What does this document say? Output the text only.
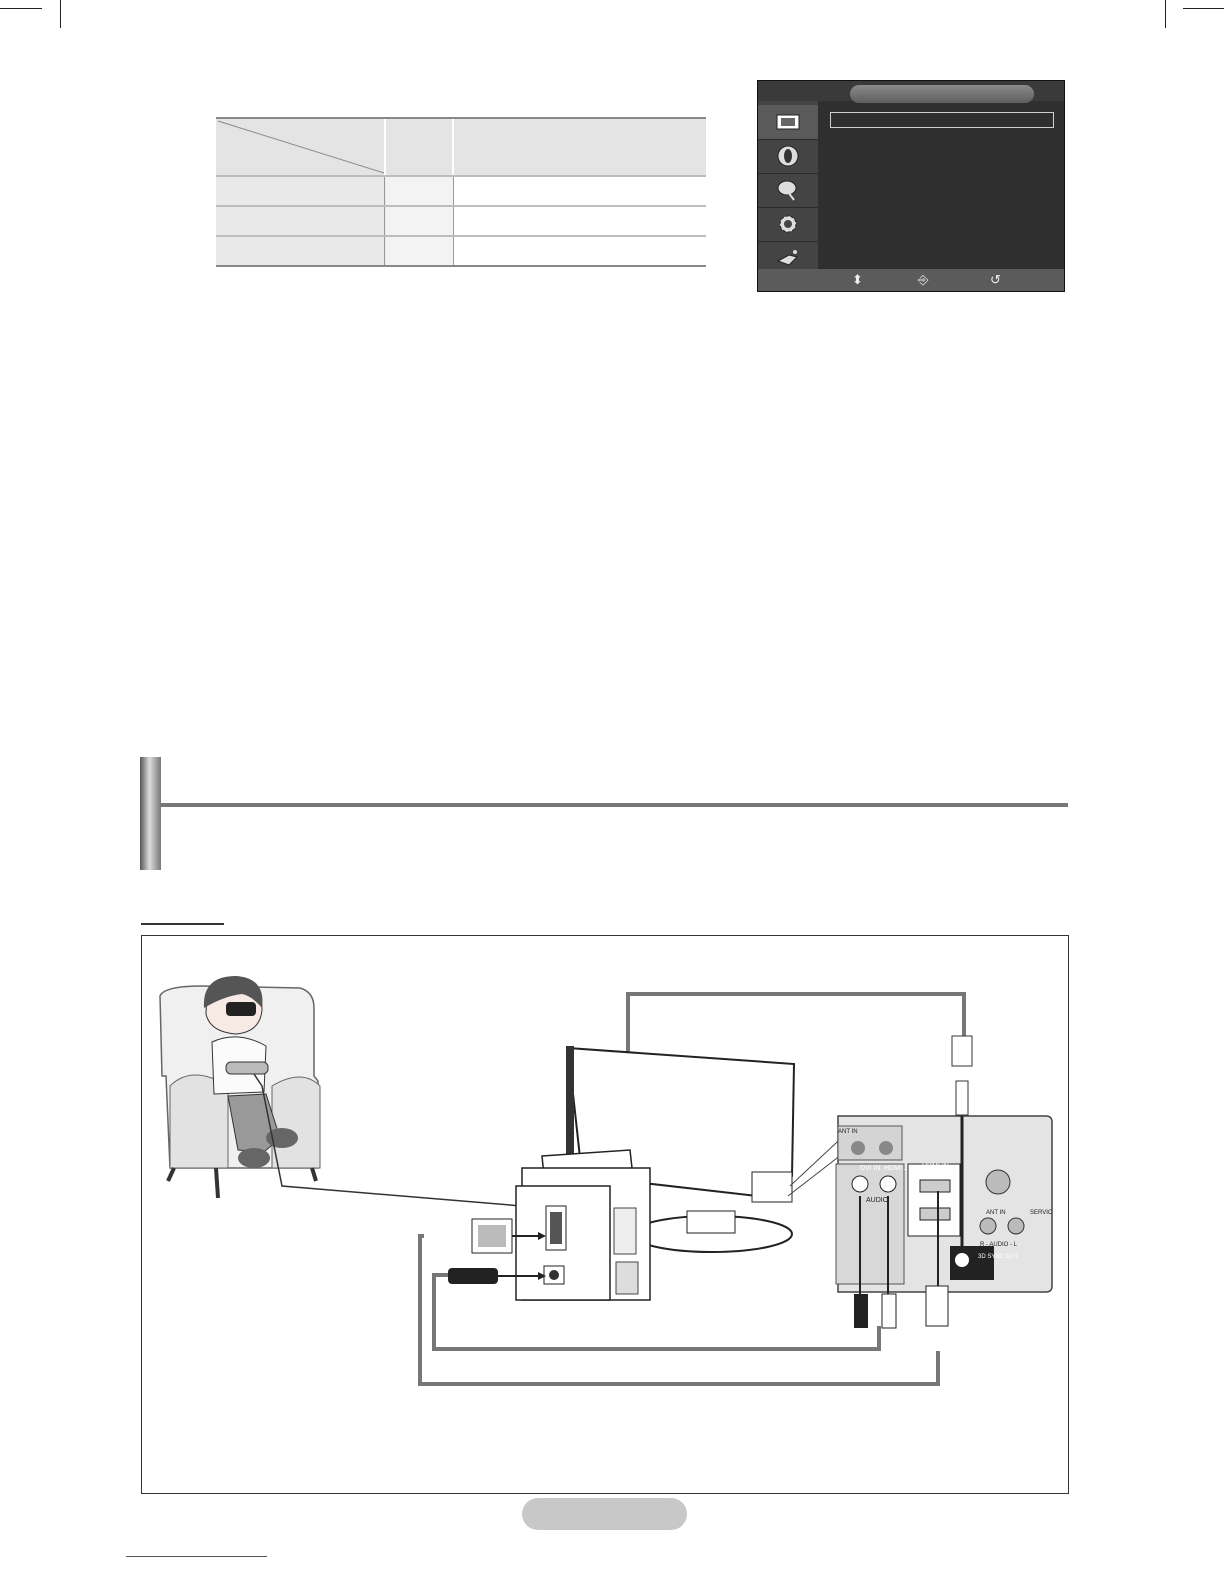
⬍	⎆	↺
ANT IN
DVI IN HDMI 2 HDMI IN
AUDIO
ANT IN
R - AUDIO - L
3D SYNC OUT
SERVIC
